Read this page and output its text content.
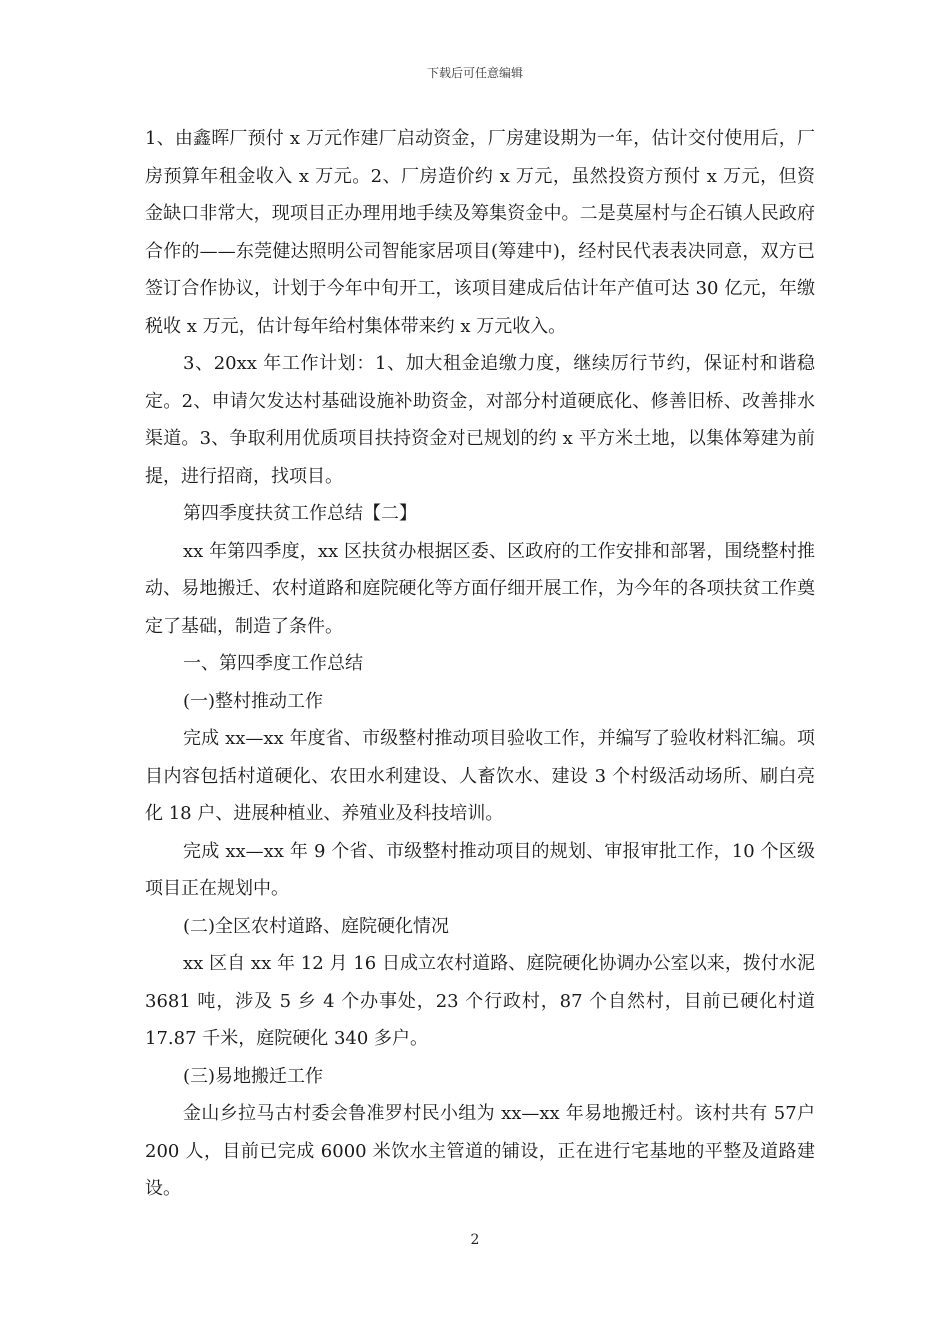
下载后可任意编辑

1、由鑫晖厂预付 x 万元作建厂启动资金，厂房建设期为一年，估计交付使用后，厂房预算年租金收入 x 万元。2、厂房造价约 x 万元，虽然投资方预付 x 万元，但资金缺口非常大，现项目正办理用地手续及筹集资金中。二是莫屋村与企石镇人民政府合作的——东莞健达照明公司智能家居项目(筹建中)，经村民代表表决同意，双方已签订合作协议，计划于今年中旬开工，该项目建成后估计年产值可达 30 亿元，年缴税收 x 万元，估计每年给村集体带来约 x 万元收入。

3、20xx 年工作计划：1、加大租金追缴力度，继续厉行节约，保证村和谐稳定。2、申请欠发达村基础设施补助资金，对部分村道硬底化、修善旧桥、改善排水渠道。3、争取利用优质项目扶持资金对已规划的约 x 平方米土地，以集体筹建为前提，进行招商，找项目。

第四季度扶贫工作总结【二】

xx 年第四季度，xx 区扶贫办根据区委、区政府的工作安排和部署，围绕整村推动、易地搬迁、农村道路和庭院硬化等方面仔细开展工作，为今年的各项扶贫工作奠定了基础，制造了条件。

一、第四季度工作总结

(一)整村推动工作

完成 xx—xx 年度省、市级整村推动项目验收工作，并编写了验收材料汇编。项目内容包括村道硬化、农田水利建设、人畜饮水、建设 3 个村级活动场所、刷白亮化 18 户、进展种植业、养殖业及科技培训。

完成 xx—xx 年 9 个省、市级整村推动项目的规划、审报审批工作，10 个区级项目正在规划中。

(二)全区农村道路、庭院硬化情况

xx 区自 xx 年 12 月 16 日成立农村道路、庭院硬化协调办公室以来，拨付水泥 3681 吨，涉及 5 乡 4 个办事处，23 个行政村，87 个自然村，目前已硬化村道17.87 千米，庭院硬化 340 多户。

(三)易地搬迁工作

金山乡拉马古村委会鲁准罗村民小组为 xx—xx 年易地搬迁村。该村共有 57户 200 人，目前已完成 6000 米饮水主管道的铺设，正在进行宅基地的平整及道路建设。

2
